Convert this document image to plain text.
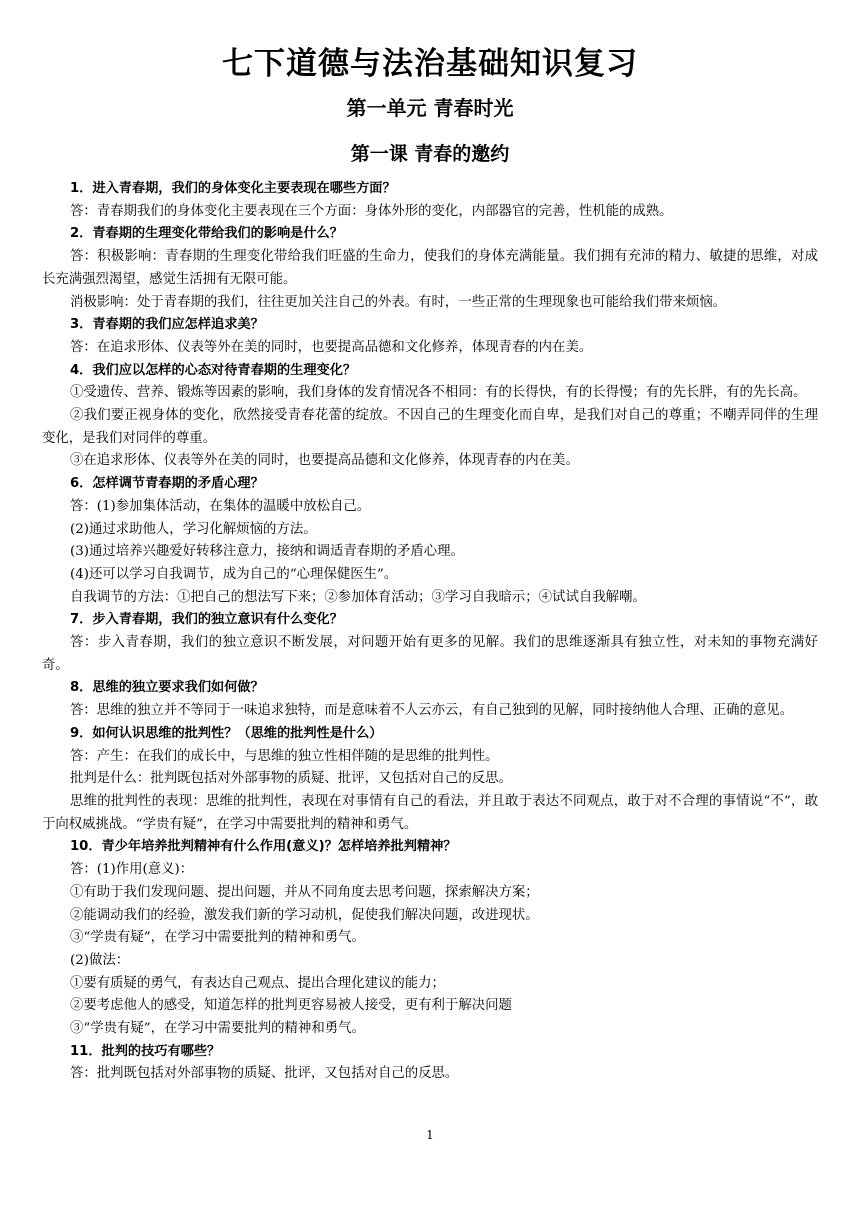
七下道德与法治基础知识复习
第一单元 青春时光
第一课 青春的邀约

1．进入青春期，我们的身体变化主要表现在哪些方面？

答：青春期我们的身体变化主要表现在三个方面：身体外形的变化，内部器官的完善，性机能的成熟。

2．青春期的生理变化带给我们的影响是什么？

答：积极影响：青春期的生理变化带给我们旺盛的生命力，使我们的身体充满能量。我们拥有充沛的精力、敏捷的思维，对成长充满强烈渴望，感觉生活拥有无限可能。

消极影响：处于青春期的我们，往往更加关注自己的外表。有时，一些正常的生理现象也可能给我们带来烦恼。

3．青春期的我们应怎样追求美？

答：在追求形体、仪表等外在美的同时，也要提高品德和文化修养，体现青春的内在美。

4．我们应以怎样的心态对待青春期的生理变化？

①受遗传、营养、锻炼等因素的影响，我们身体的发育情况各不相同：有的长得快，有的长得慢；有的先长胖，有的先长高。

②我们要正视身体的变化，欣然接受青春花蕾的绽放。不因自己的生理变化而自卑，是我们对自己的尊重；不嘲弄同伴的生理变化，是我们对同伴的尊重。

③在追求形体、仪表等外在美的同时，也要提高品德和文化修养，体现青春的内在美。

6．怎样调节青春期的矛盾心理？

答：(1)参加集体活动，在集体的温暖中放松自己。

(2)通过求助他人，学习化解烦恼的方法。

(3)通过培养兴趣爱好转移注意力，接纳和调适青春期的矛盾心理。

(4)还可以学习自我调节，成为自己的“心理保健医生”。

自我调节的方法：①把自己的想法写下来；②参加体育活动；③学习自我暗示；④试试自我解嘲。

7．步入青春期，我们的独立意识有什么变化？

答：步入青春期，我们的独立意识不断发展，对问题开始有更多的见解。我们的思维逐渐具有独立性，对未知的事物充满好奇。

8．思维的独立要求我们如何做？

答：思维的独立并不等同于一味追求独特，而是意味着不人云亦云，有自己独到的见解，同时接纳他人合理、正确的意见。

9．如何认识思维的批判性？（思维的批判性是什么）

答：产生：在我们的成长中，与思维的独立性相伴随的是思维的批判性。

批判是什么：批判既包括对外部事物的质疑、批评，又包括对自己的反思。

思维的批判性的表现：思维的批判性，表现在对事情有自己的看法，并且敢于表达不同观点，敢于对不合理的事情说“不”，敢于向权威挑战。“学贵有疑”，在学习中需要批判的精神和勇气。

10．青少年培养批判精神有什么作用(意义)？怎样培养批判精神？

答：(1)作用(意义)：

①有助于我们发现问题、提出问题，并从不同角度去思考问题，探索解决方案；

②能调动我们的经验，激发我们新的学习动机，促使我们解决问题，改进现状。

③“学贵有疑”，在学习中需要批判的精神和勇气。

(2)做法：

①要有质疑的勇气，有表达自己观点、提出合理化建议的能力；

②要考虑他人的感受，知道怎样的批判更容易被人接受，更有利于解决问题

③“学贵有疑”，在学习中需要批判的精神和勇气。

11．批判的技巧有哪些？

答：批判既包括对外部事物的质疑、批评，又包括对自己的反思。

1
